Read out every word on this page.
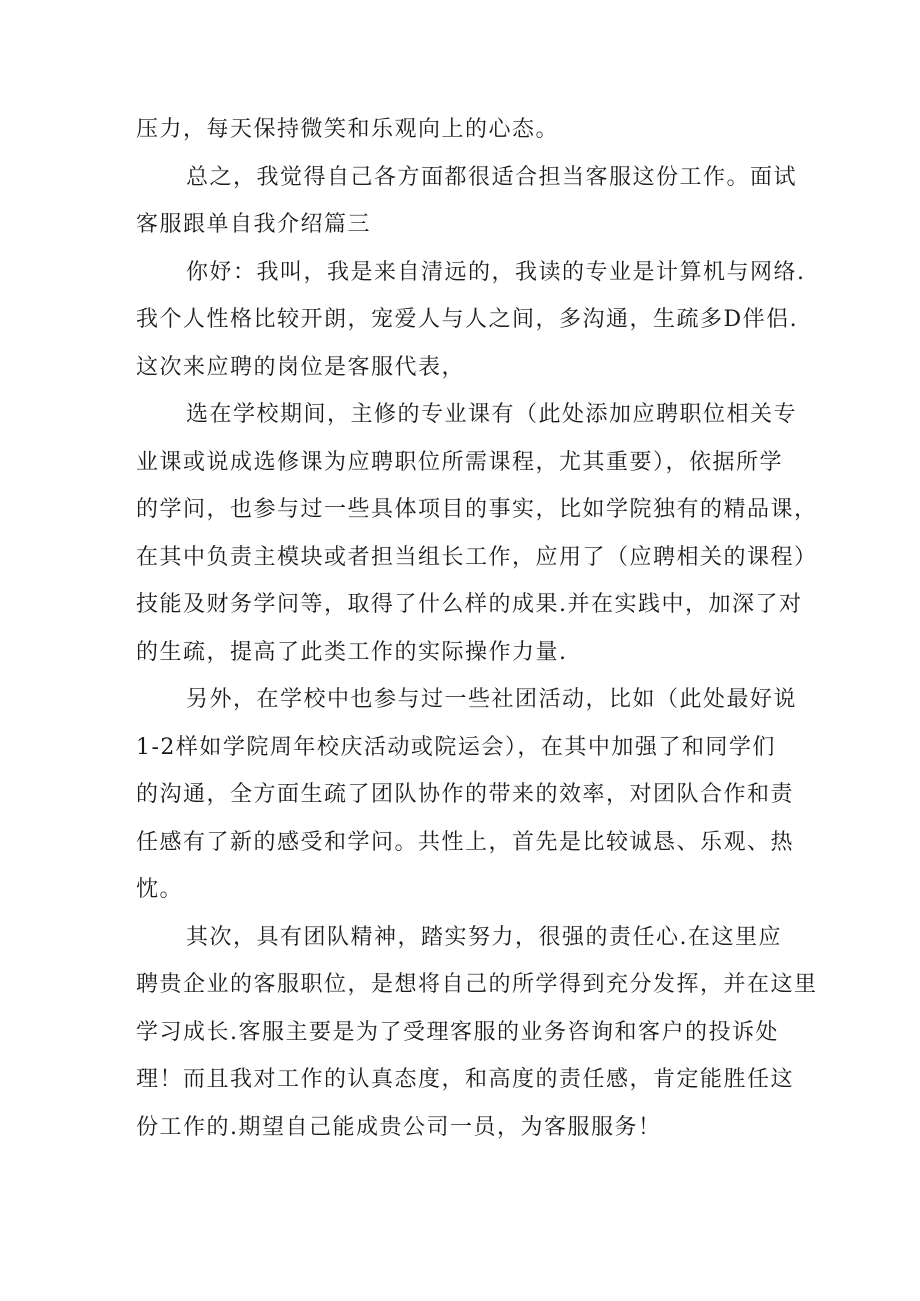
压力，每天保持微笑和乐观向上的心态。
总之，我觉得自己各方面都很适合担当客服这份工作。面试
客服跟单自我介绍篇三
你妤：我叫，我是来自清远的，我读的专业是计算机与网络.
我个人性格比较开朗，宠爱人与人之间，多沟通，生疏多D伴侣.
这次来应聘的岗位是客服代表，
选在学校期间，主修的专业课有（此处添加应聘职位相关专
业课或说成选修课为应聘职位所需课程，尤其重要），依据所学
的学问，也参与过一些具体项目的事实，比如学院独有的精品课，
在其中负责主模块或者担当组长工作，应用了（应聘相关的课程）
技能及财务学问等，取得了什么样的成果.并在实践中，加深了对
的生疏，提高了此类工作的实际操作力量.
另外，在学校中也参与过一些社团活动，比如（此处最好说
1-2样如学院周年校庆活动或院运会），在其中加强了和同学们
的沟通，全方面生疏了团队协作的带来的效率，对团队合作和责
任感有了新的感受和学问。共性上，首先是比较诚恳、乐观、热
忱。
其次，具有团队精神，踏实努力，很强的责任心.在这里应
聘贵企业的客服职位，是想将自己的所学得到充分发挥，并在这里
学习成长.客服主要是为了受理客服的业务咨询和客户的投诉处
理！而且我对工作的认真态度，和高度的责任感，肯定能胜任这
份工作的.期望自己能成贵公司一员，为客服服务！
